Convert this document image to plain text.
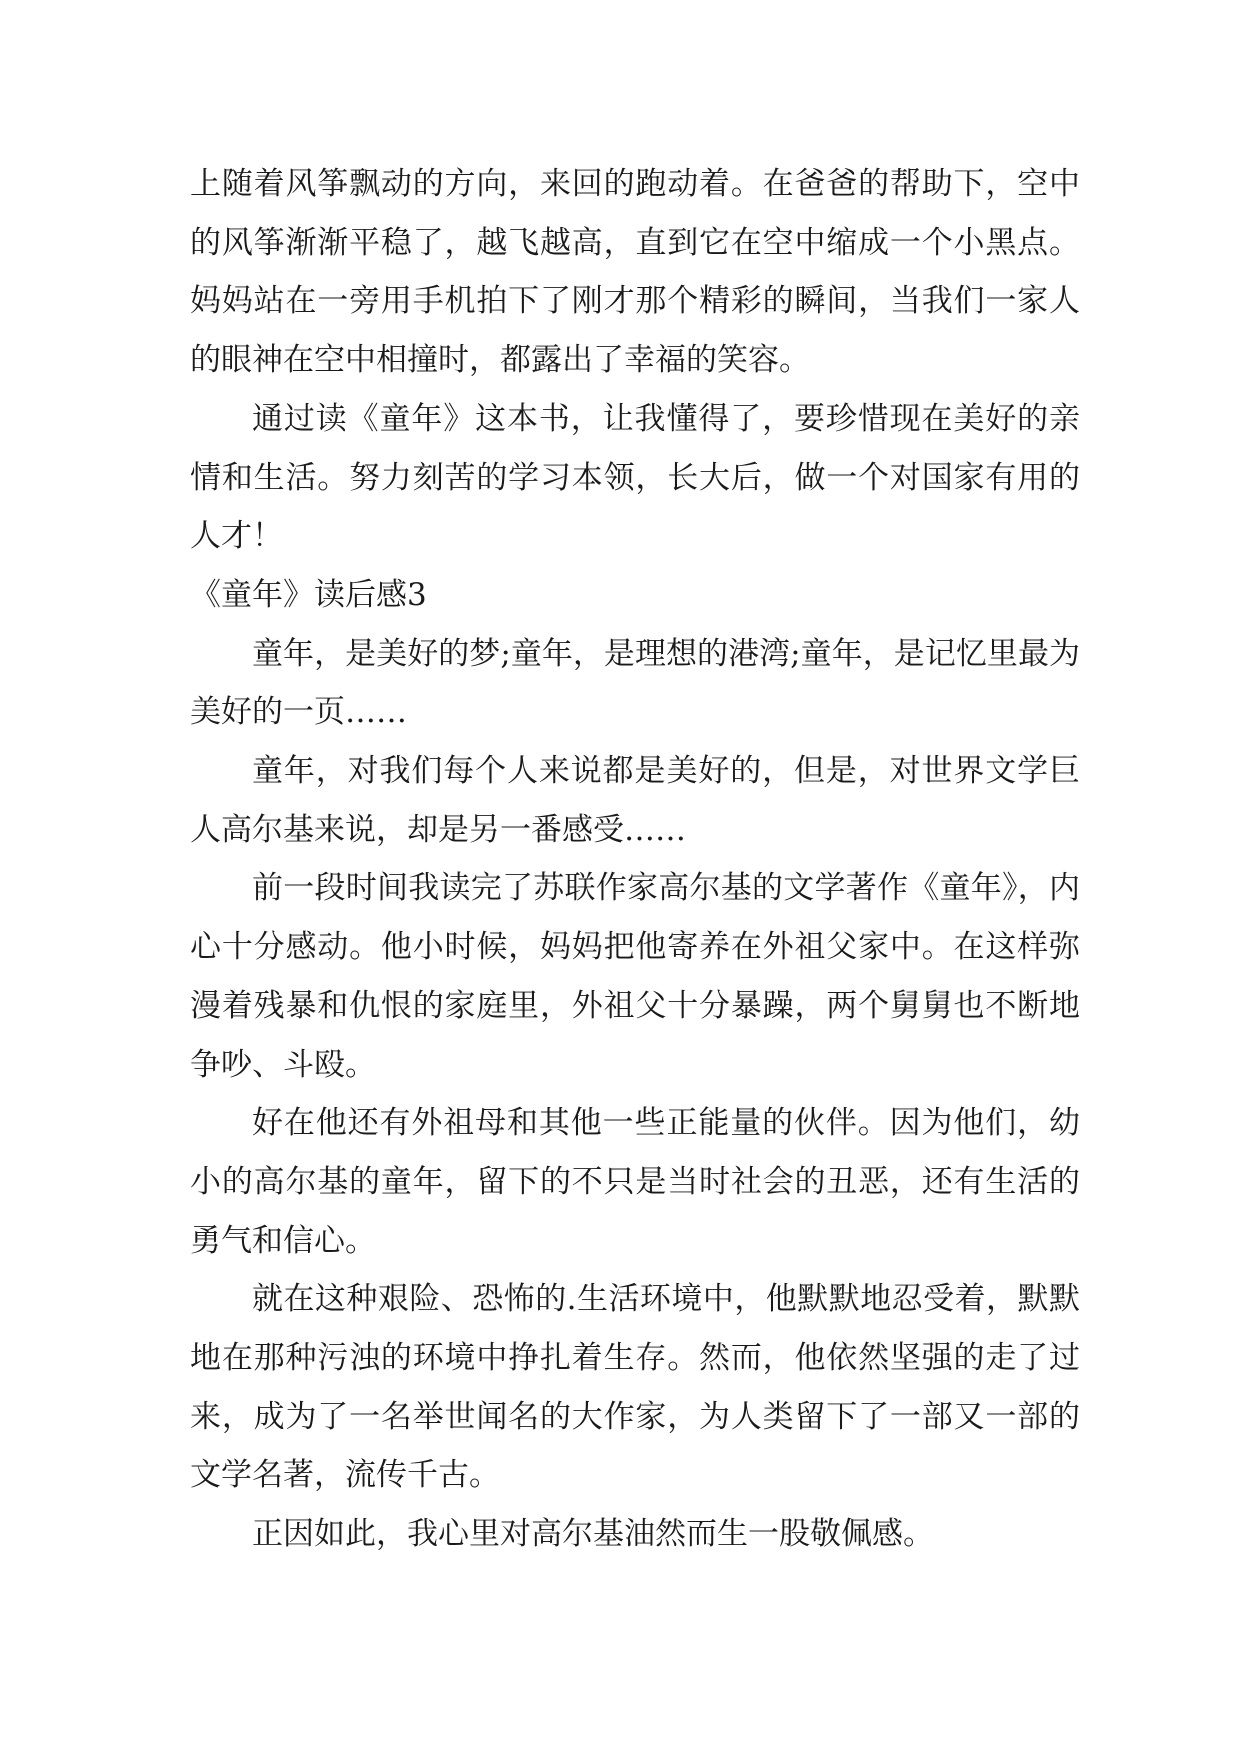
上随着风筝飘动的方向，来回的跑动着。在爸爸的帮助下，空中的风筝渐渐平稳了，越飞越高，直到它在空中缩成一个小黑点。妈妈站在一旁用手机拍下了刚才那个精彩的瞬间，当我们一家人的眼神在空中相撞时，都露出了幸福的笑容。

通过读《童年》这本书，让我懂得了，要珍惜现在美好的亲情和生活。努力刻苦的学习本领，长大后，做一个对国家有用的人才！

《童年》读后感3

童年，是美好的梦;童年，是理想的港湾;童年，是记忆里最为美好的一页……

童年，对我们每个人来说都是美好的，但是，对世界文学巨人高尔基来说，却是另一番感受……

前一段时间我读完了苏联作家高尔基的文学著作《童年》，内心十分感动。他小时候，妈妈把他寄养在外祖父家中。在这样弥漫着残暴和仇恨的家庭里，外祖父十分暴躁，两个舅舅也不断地争吵、斗殴。

好在他还有外祖母和其他一些正能量的伙伴。因为他们，幼小的高尔基的童年，留下的不只是当时社会的丑恶，还有生活的勇气和信心。

就在这种艰险、恐怖的.生活环境中，他默默地忍受着，默默地在那种污浊的环境中挣扎着生存。然而，他依然坚强的走了过来，成为了一名举世闻名的大作家，为人类留下了一部又一部的文学名著，流传千古。

正因如此，我心里对高尔基油然而生一股敬佩感。
